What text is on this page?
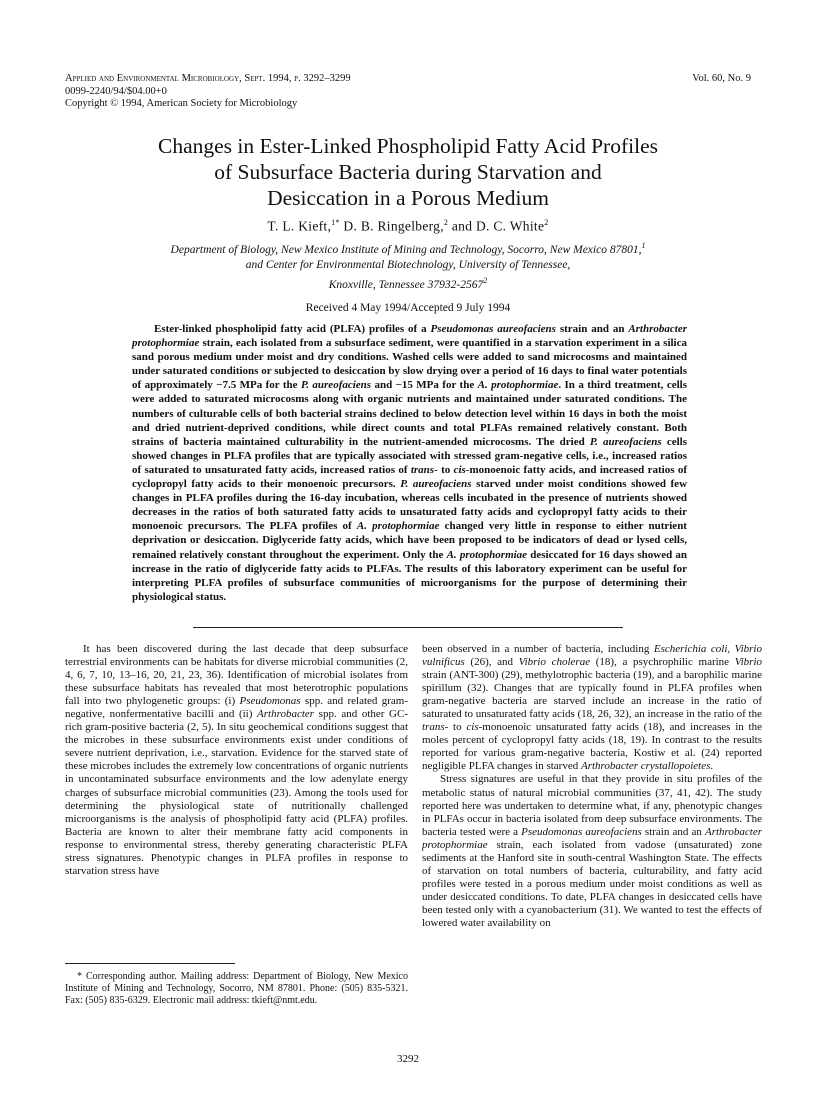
Applied and Environmental Microbiology, Sept. 1994, p. 3292–3299
0099-2240/94/$04.00+0
Copyright © 1994, American Society for Microbiology
Vol. 60, No. 9
Changes in Ester-Linked Phospholipid Fatty Acid Profiles
of Subsurface Bacteria during Starvation and
Desiccation in a Porous Medium
T. L. Kieft,$^{1*}$ D. B. Ringelberg,$^2$ and D. C. White$^2$
Department of Biology, New Mexico Institute of Mining and Technology, Socorro, New Mexico 87801,$^1$
and Center for Environmental Biotechnology, University of Tennessee,
Knoxville, Tennessee 37932-2567$^2$
Received 4 May 1994/Accepted 9 July 1994

Ester-linked phospholipid fatty acid (PLFA) profiles of a Pseudomonas aureofaciens strain and an Arthrobacter protophormiae strain, each isolated from a subsurface sediment, were quantified in a starvation experiment in a silica sand porous medium under moist and dry conditions. Washed cells were added to sand microcosms and maintained under saturated conditions or subjected to desiccation by slow drying over a period of 16 days to final water potentials of approximately −7.5 MPa for the P. aureofaciens and −15 MPa for the A. protophormiae. In a third treatment, cells were added to saturated microcosms along with organic nutrients and maintained under saturated conditions. The numbers of culturable cells of both bacterial strains declined to below detection level within 16 days in both the moist and dried nutrient-deprived conditions, while direct counts and total PLFAs remained relatively constant. Both strains of bacteria maintained culturability in the nutrient-amended microcosms. The dried P. aureofaciens cells showed changes in PLFA profiles that are typically associated with stressed gram-negative cells, i.e., increased ratios of saturated to unsaturated fatty acids, increased ratios of trans- to cis-monoenoic fatty acids, and increased ratios of cyclopropyl fatty acids to their monoenoic precursors. P. aureofaciens starved under moist conditions showed few changes in PLFA profiles during the 16-day incubation, whereas cells incubated in the presence of nutrients showed decreases in the ratios of both saturated fatty acids to unsaturated fatty acids and cyclopropyl fatty acids to their monoenoic precursors. The PLFA profiles of A. protophormiae changed very little in response to either nutrient deprivation or desiccation. Diglyceride fatty acids, which have been proposed to be indicators of dead or lysed cells, remained relatively constant throughout the experiment. Only the A. protophormiae desiccated for 16 days showed an increase in the ratio of diglyceride fatty acids to PLFAs. The results of this laboratory experiment can be useful for interpreting PLFA profiles of subsurface communities of microorganisms for the purpose of determining their physiological status.

It has been discovered during the last decade that deep subsurface terrestrial environments can be habitats for diverse microbial communities (2, 4, 6, 7, 10, 13–16, 20, 21, 23, 36). Identification of microbial isolates from these subsurface habitats has revealed that most heterotrophic populations fall into two phylogenetic groups: (i) Pseudomonas spp. and related gram-negative, nonfermentative bacilli and (ii) Arthrobacter spp. and other GC-rich gram-positive bacteria (2, 5). In situ geochemical conditions suggest that the microbes in these subsurface environments exist under conditions of severe nutrient deprivation, i.e., starvation. Evidence for the starved state of these microbes includes the extremely low concentrations of organic nutrients in uncontaminated subsurface environments and the low adenylate energy charges of subsurface microbial communities (23). Among the tools used for determining the physiological state of nutritionally challenged microorganisms is the analysis of phospholipid fatty acid (PLFA) profiles. Bacteria are known to alter their membrane fatty acid components in response to environmental stress, thereby generating characteristic PLFA stress signatures. Phenotypic changes in PLFA profiles in response to starvation stress have

been observed in a number of bacteria, including Escherichia coli, Vibrio vulnificus (26), and Vibrio cholerae (18), a psychrophilic marine Vibrio strain (ANT-300) (29), methylotrophic bacteria (19), and a barophilic marine spirillum (32). Changes that are typically found in PLFA profiles when gram-negative bacteria are starved include an increase in the ratio of saturated to unsaturated fatty acids (18, 26, 32), an increase in the ratio of the trans- to cis-monoenoic unsaturated fatty acids (18), and increases in the moles percent of cyclopropyl fatty acids (18, 19). In contrast to the results reported for various gram-negative bacteria, Kostiw et al. (24) reported negligible PLFA changes in starved Arthrobacter crystallopoietes.

Stress signatures are useful in that they provide in situ profiles of the metabolic status of natural microbial communities (37, 41, 42). The study reported here was undertaken to determine what, if any, phenotypic changes in PLFAs occur in bacteria isolated from deep subsurface environments. The bacteria tested were a Pseudomonas aureofaciens strain and an Arthrobacter protophormiae strain, each isolated from vadose (unsaturated) zone sediments at the Hanford site in south-central Washington State. The effects of starvation on total numbers of bacteria, culturability, and fatty acid profiles were tested in a porous medium under moist conditions as well as under desiccated conditions. To date, PLFA changes in desiccated cells have been tested only with a cyanobacterium (31). We wanted to test the effects of lowered water availability on

* Corresponding author. Mailing address: Department of Biology, New Mexico Institute of Mining and Technology, Socorro, NM 87801. Phone: (505) 835-5321. Fax: (505) 835-6329. Electronic mail address: tkieft@nmt.edu.

3292
